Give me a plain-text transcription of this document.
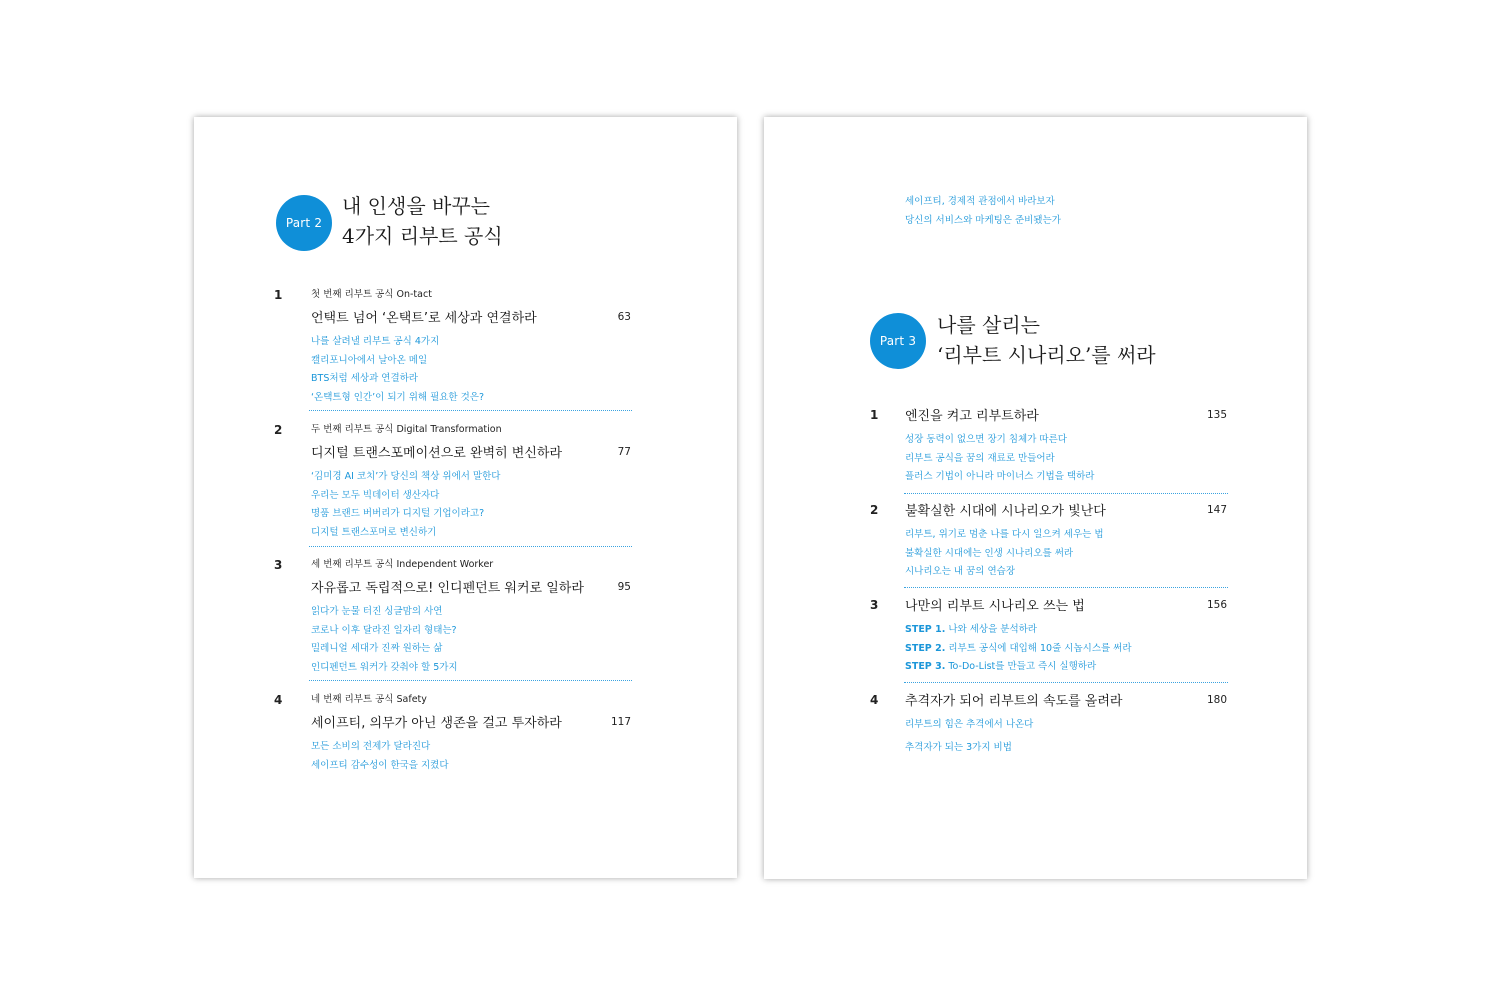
Part 2
내 인생을 바꾸는
4가지 리부트 공식
1	첫 번째 리부트 공식 On-tact
언택트 넘어 ‘온택트’로 세상과 연결하라	63
나를 살려낼 리부트 공식 4가지
캘리포니아에서 날아온 메일
BTS처럼 세상과 연결하라
‘온택트형 인간’이 되기 위해 필요한 것은?
2	두 번째 리부트 공식 Digital Transformation
디지털 트랜스포메이션으로 완벽히 변신하라	77
‘김미경 AI 코치’가 당신의 책상 위에서 말한다
우리는 모두 빅데이터 생산자다
명품 브랜드 버버리가 디지털 기업이라고?
디지털 트랜스포머로 변신하기
3	세 번째 리부트 공식 Independent Worker
자유롭고 독립적으로! 인디펜던트 워커로 일하라	95
읽다가 눈물 터진 싱글맘의 사연
코로나 이후 달라진 일자리 형태는?
밀레니얼 세대가 진짜 원하는 삶
인디펜던트 워커가 갖춰야 할 5가지
4	네 번째 리부트 공식 Safety
세이프티, 의무가 아닌 생존을 걸고 투자하라	117
모든 소비의 전제가 달라진다
세이프티 감수성이 한국을 지켰다
세이프티, 경제적 관점에서 바라보자
당신의 서비스와 마케팅은 준비됐는가
Part 3
나를 살리는
‘리부트 시나리오’를 써라
1 엔진을 켜고 리부트하라	135
성장 동력이 없으면 장기 침체가 따른다
리부트 공식을 꿈의 재료로 만들어라
플러스 기법이 아니라 마이너스 기법을 택하라
2 불확실한 시대에 시나리오가 빛난다	147
리부트, 위기로 멈춘 나를 다시 일으켜 세우는 법
불확실한 시대에는 인생 시나리오를 써라
시나리오는 내 꿈의 연습장
3 나만의 리부트 시나리오 쓰는 법	156
STEP 1. 나와 세상을 분석하라
STEP 2. 리부트 공식에 대입해 10줄 시놉시스를 써라
STEP 3. To-Do-List를 만들고 즉시 실행하라
4 추격자가 되어 리부트의 속도를 올려라	180
리부트의 힘은 추격에서 나온다
추격자가 되는 3가지 비법
